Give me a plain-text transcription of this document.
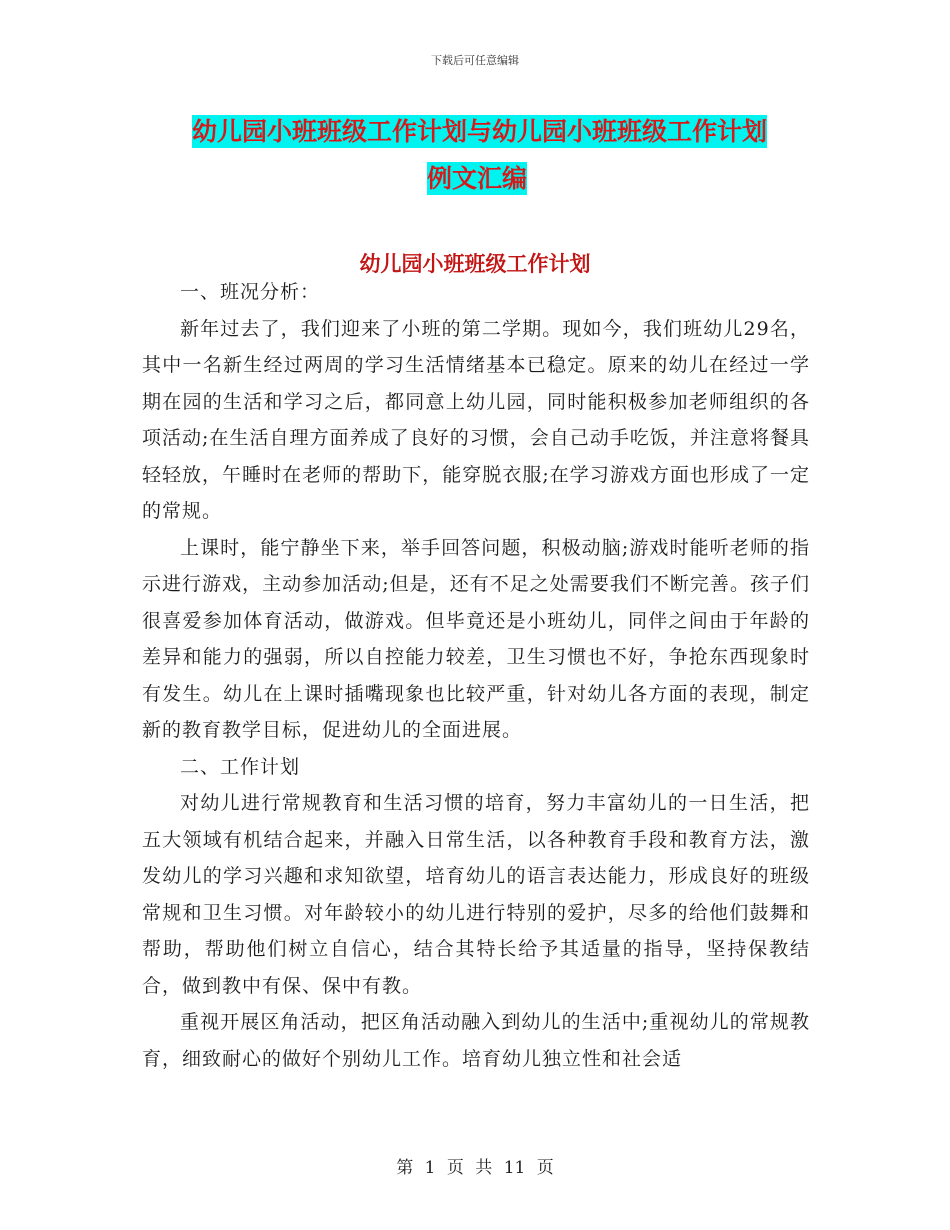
下载后可任意编辑
幼儿园小班班级工作计划与幼儿园小班班级工作计划
例文汇编
幼儿园小班班级工作计划

一、班况分析：

新年过去了，我们迎来了小班的第二学期。现如今，我们班幼儿29名，其中一名新生经过两周的学习生活情绪基本已稳定。原来的幼儿在经过一学期在园的生活和学习之后，都同意上幼儿园，同时能积极参加老师组织的各项活动;在生活自理方面养成了良好的习惯，会自己动手吃饭，并注意将餐具轻轻放，午睡时在老师的帮助下，能穿脱衣服;在学习游戏方面也形成了一定的常规。

上课时，能宁静坐下来，举手回答问题，积极动脑;游戏时能听老师的指示进行游戏，主动参加活动;但是，还有不足之处需要我们不断完善。孩子们很喜爱参加体育活动，做游戏。但毕竟还是小班幼儿，同伴之间由于年龄的差异和能力的强弱，所以自控能力较差，卫生习惯也不好，争抢东西现象时有发生。幼儿在上课时插嘴现象也比较严重，针对幼儿各方面的表现，制定新的教育教学目标，促进幼儿的全面进展。

二、工作计划

对幼儿进行常规教育和生活习惯的培育，努力丰富幼儿的一日生活，把五大领域有机结合起来，并融入日常生活，以各种教育手段和教育方法，激发幼儿的学习兴趣和求知欲望，培育幼儿的语言表达能力，形成良好的班级常规和卫生习惯。对年龄较小的幼儿进行特别的爱护，尽多的给他们鼓舞和帮助，帮助他们树立自信心，结合其特长给予其适量的指导，坚持保教结合，做到教中有保、保中有教。

重视开展区角活动，把区角活动融入到幼儿的生活中;重视幼儿的常规教育，细致耐心的做好个别幼儿工作。培育幼儿独立性和社会适

第 1 页 共 11 页
